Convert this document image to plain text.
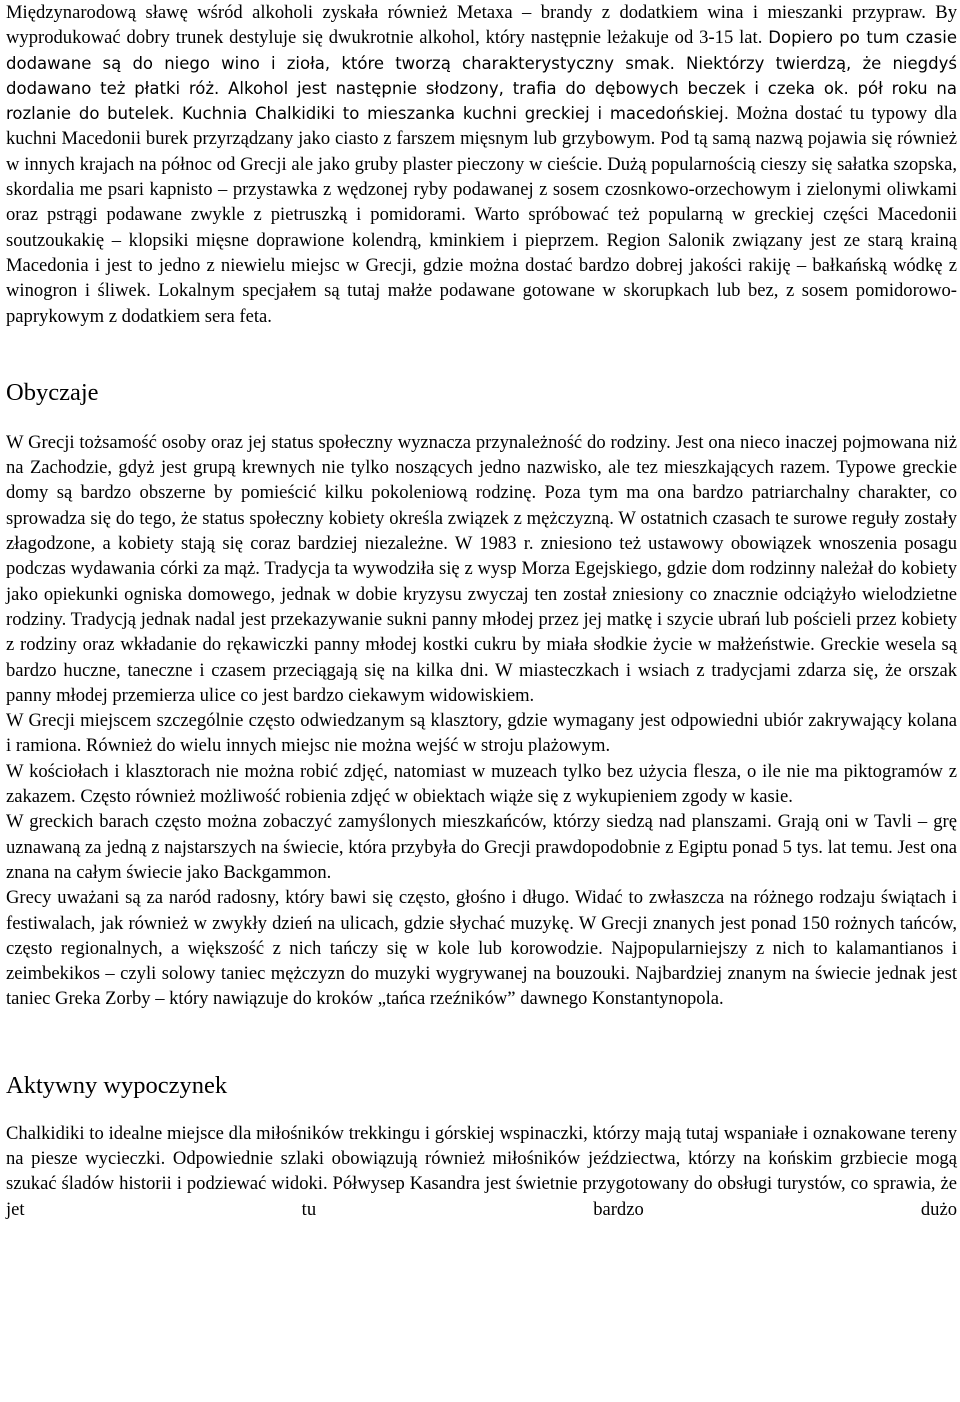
Międzynarodową sławę wśród alkoholi zyskała również Metaxa – brandy z dodatkiem wina i mieszanki przypraw. By wyprodukować dobry trunek destyluje się dwukrotnie alkohol, który następnie leżakuje od 3-15 lat. Dopiero po tum czasie dodawane są do niego wino i zioła, które tworzą charakterystyczny smak. Niektórzy twierdzą, że niegdyś dodawano też płatki róż. Alkohol jest następnie słodzony, trafia do dębowych beczek i czeka ok. pół roku na rozlanie do butelek. Kuchnia Chalkidiki to mieszanka kuchni greckiej i macedońskiej. Można dostać tu typowy dla kuchni Macedonii burek przyrządzany jako ciasto z farszem mięsnym lub grzybowym. Pod tą samą nazwą pojawia się również w innych krajach na północ od Grecji ale jako gruby plaster pieczony w cieście. Dużą popularnością cieszy się sałatka szopska, skordalia me psari kapnisto – przystawka z wędzonej ryby podawanej z sosem czosnkowo-orzechowym i zielonymi oliwkami oraz pstrągi podawane zwykle z pietruszką i pomidorami. Warto spróbować też popularną w greckiej części Macedonii soutzoukakię – klopsiki mięsne doprawione kolendrą, kminkiem i pieprzem. Region Salonik związany jest ze starą krainą Macedonia i jest to jedno z niewielu miejsc w Grecji, gdzie można dostać bardzo dobrej jakości rakiję – bałkańską wódkę z winogron i śliwek. Lokalnym specjałem są tutaj małże podawane gotowane w skorupkach lub bez, z sosem pomidorowo-paprykowym z dodatkiem sera feta.

Obyczaje

W Grecji tożsamość osoby oraz jej status społeczny wyznacza przynależność do rodziny. Jest ona nieco inaczej pojmowana niż na Zachodzie, gdyż jest grupą krewnych nie tylko noszących jedno nazwisko, ale tez mieszkających razem. Typowe greckie domy są bardzo obszerne by pomieścić kilku pokoleniową rodzinę. Poza tym ma ona bardzo patriarchalny charakter, co sprowadza się do tego, że status społeczny kobiety określa związek z mężczyzną. W ostatnich czasach te surowe reguły zostały złagodzone, a kobiety stają się coraz bardziej niezależne. W 1983 r. zniesiono też ustawowy obowiązek wnoszenia posagu podczas wydawania córki za mąż. Tradycja ta wywodziła się z wysp Morza Egejskiego, gdzie dom rodzinny należał do kobiety jako opiekunki ogniska domowego, jednak w dobie kryzysu zwyczaj ten został zniesiony co znacznie odciążyło wielodzietne rodziny. Tradycją jednak nadal jest przekazywanie sukni panny młodej przez jej matkę i szycie ubrań lub pościeli przez kobiety z rodziny oraz wkładanie do rękawiczki panny młodej kostki cukru by miała słodkie życie w małżeństwie. Greckie wesela są bardzo huczne, taneczne i czasem przeciągają się na kilka dni. W miasteczkach i wsiach z tradycjami zdarza się, że orszak panny młodej przemierza ulice co jest bardzo ciekawym widowiskiem.

W Grecji miejscem szczególnie często odwiedzanym są klasztory, gdzie wymagany jest odpowiedni ubiór zakrywający kolana i ramiona. Również do wielu innych miejsc nie można wejść w stroju plażowym.

W kościołach i klasztorach nie można robić zdjęć, natomiast w muzeach tylko bez użycia flesza, o ile nie ma piktogramów z zakazem. Często również możliwość robienia zdjęć w obiektach wiąże się z wykupieniem zgody w kasie.

W greckich barach często można zobaczyć zamyślonych mieszkańców, którzy siedzą nad planszami. Grają oni w Tavli – grę uznawaną za jedną z najstarszych na świecie, która przybyła do Grecji prawdopodobnie z Egiptu ponad 5 tys. lat temu. Jest ona znana na całym świecie jako Backgammon.

Grecy uważani są za naród radosny, który bawi się często, głośno i długo. Widać to zwłaszcza na różnego rodzaju świątach i festiwalach, jak również w zwykły dzień na ulicach, gdzie słychać muzykę. W Grecji znanych jest ponad 150 rożnych tańców, często regionalnych, a większość z nich tańczy się w kole lub korowodzie. Najpopularniejszy z nich to kalamantianos i zeimbekikos – czyli solowy taniec mężczyzn do muzyki wygrywanej na bouzouki. Najbardziej znanym na świecie jednak jest taniec Greka Zorby – który nawiązuje do kroków „tańca rzeźników” dawnego Konstantynopola.

Aktywny wypoczynek

Chalkidiki to idealne miejsce dla miłośników trekkingu i górskiej wspinaczki, którzy mają tutaj wspaniałe i oznakowane tereny na piesze wycieczki. Odpowiednie szlaki obowiązują również miłośników jeździectwa, którzy na końskim grzbiecie mogą szukać śladów historii i podziewać widoki. Półwysep Kasandra jest świetnie przygotowany do obsługi turystów, co sprawia, że jet tu bardzo dużo
